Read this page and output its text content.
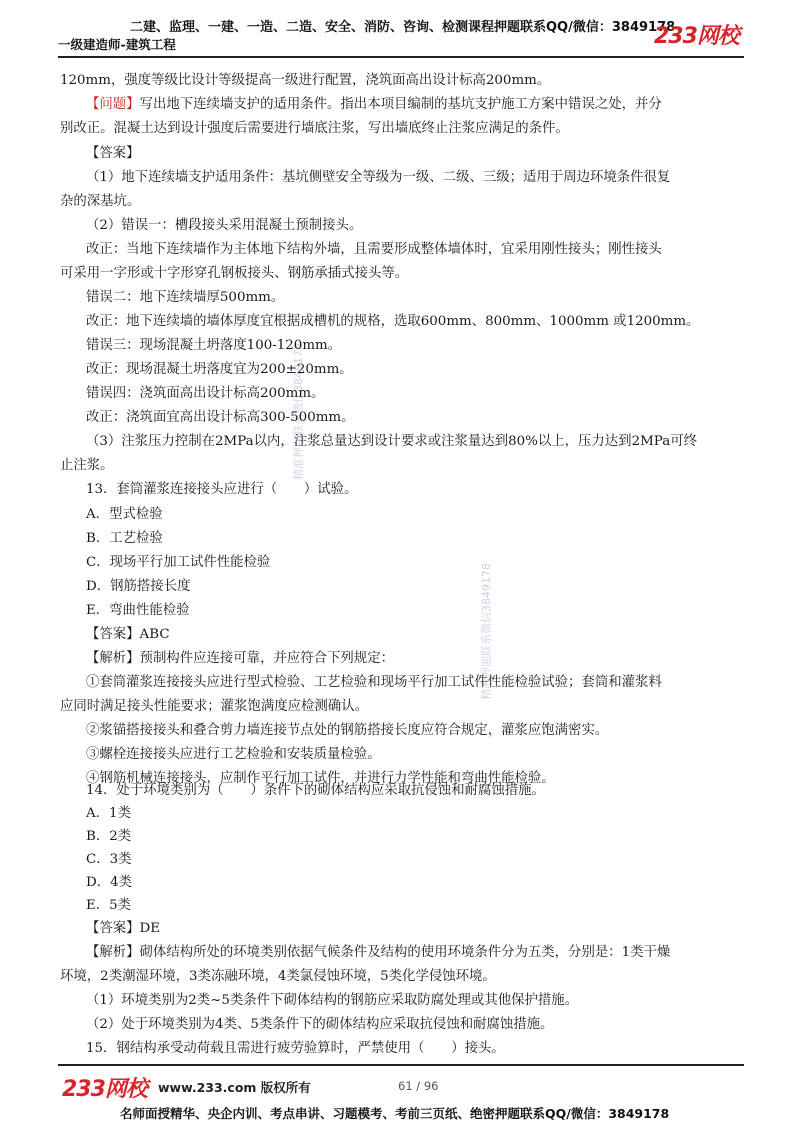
二建、监理、一建、一造、二造、安全、消防、咨询、检测课程押题联系QQ/微信：3849178
一级建造师-建筑工程	233网校
精准押题联系微信3849178
精准押题联系微信3849178
120mm，强度等级比设计等级提高一级进行配置，浇筑面高出设计标高200mm。
【问题】写出地下连续墙支护的适用条件。指出本项目编制的基坑支护施工方案中错误之处，并分
别改正。混凝土达到设计强度后需要进行墙底注浆，写出墙底终止注浆应满足的条件。
【答案】
（1）地下连续墙支护适用条件：基坑侧壁安全等级为一级、二级、三级；适用于周边环境条件很复
杂的深基坑。
（2）错误一：槽段接头采用混凝土预制接头。
改正：当地下连续墙作为主体地下结构外墙，且需要形成整体墙体时，宜采用刚性接头；刚性接头
可采用一字形或十字形穿孔钢板接头、钢筋承插式接头等。
错误二：地下连续墙厚500mm。
改正：地下连续墙的墙体厚度宜根据成槽机的规格，选取600mm、800mm、1000mm 或1200mm。
错误三：现场混凝土坍落度100-120mm。
改正：现场混凝土坍落度宜为200±20mm。
错误四：浇筑面高出设计标高200mm。
改正：浇筑面宜高出设计标高300-500mm。
（3）注浆压力控制在2MPa以内，注浆总量达到设计要求或注浆量达到80%以上，压力达到2MPa可终
止注浆。
13．套筒灌浆连接接头应进行（　　）试验。
A．型式检验
B．工艺检验
C．现场平行加工试件性能检验
D．钢筋搭接长度
E．弯曲性能检验
【答案】ABC
【解析】预制构件应连接可靠，并应符合下列规定：
①套筒灌浆连接接头应进行型式检验、工艺检验和现场平行加工试件性能检验试验；套筒和灌浆料
应同时满足接头性能要求；灌浆饱满度应检测确认。
②浆锚搭接接头和叠合剪力墙连接节点处的钢筋搭接长度应符合规定，灌浆应饱满密实。
③螺栓连接接头应进行工艺检验和安装质量检验。
④钢筋机械连接接头，应制作平行加工试件，并进行力学性能和弯曲性能检验。
14．处于环境类别为（　　）条件下的砌体结构应采取抗侵蚀和耐腐蚀措施。
A．1类
B．2类
C．3类
D．4类
E．5类
【答案】DE
【解析】砌体结构所处的环境类别依据气候条件及结构的使用环境条件分为五类，分别是：1类干燥
环境，2类潮湿环境，3类冻融环境，4类氯侵蚀环境，5类化学侵蚀环境。
（1）环境类别为2类~5类条件下砌体结构的钢筋应采取防腐处理或其他保护措施。
（2）处于环境类别为4类、5类条件下的砌体结构应采取抗侵蚀和耐腐蚀措施。
233网校 www.233.com 版权所有	61 / 96
名师面授精华、央企内训、考点串讲、习题模考、考前三页纸、绝密押题联系QQ/微信：3849178
15．钢结构承受动荷载且需进行疲劳验算时，严禁使用（　　）接头。
